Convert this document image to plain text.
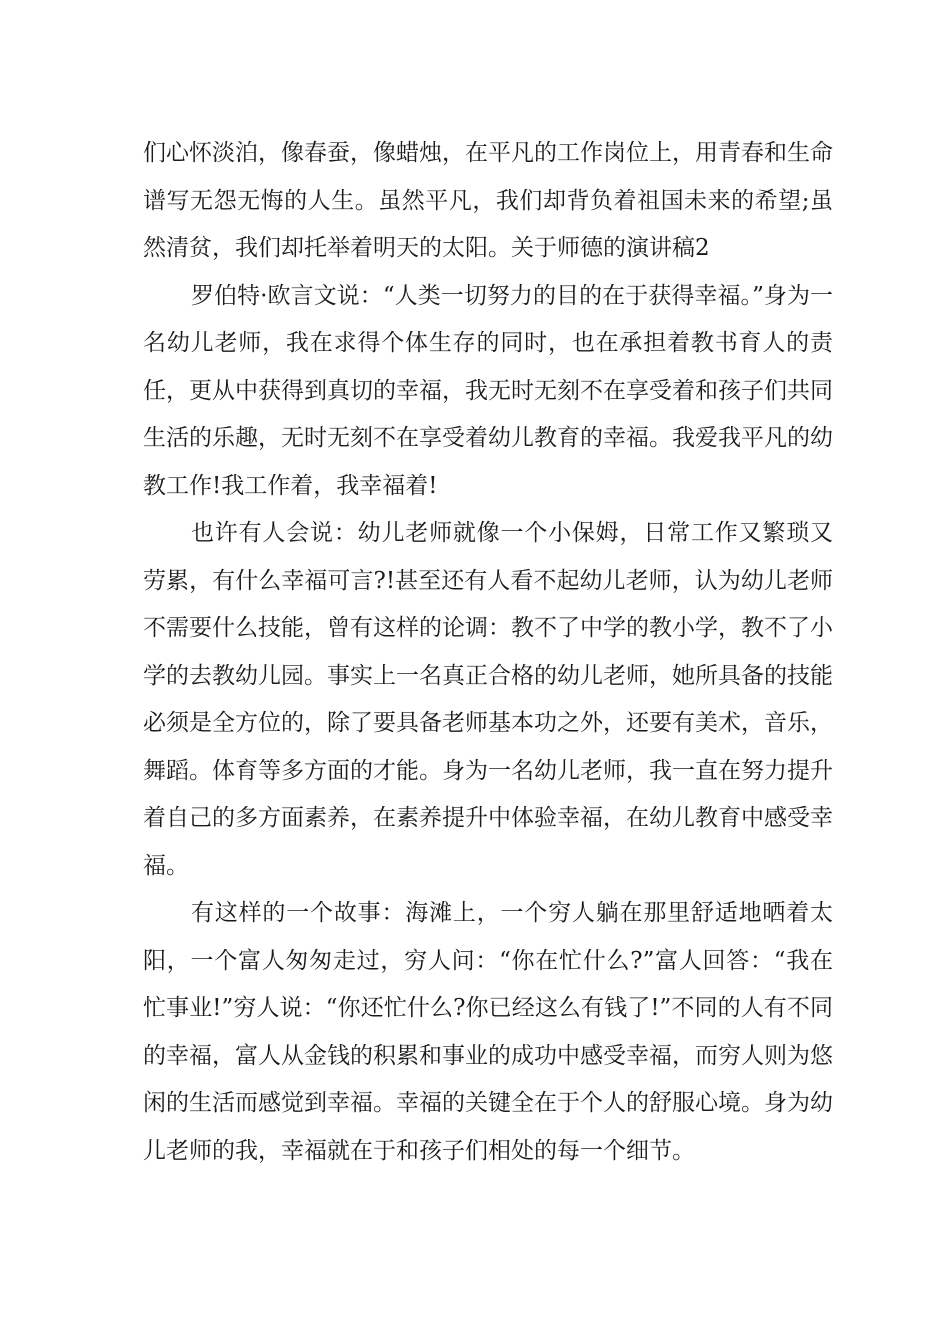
们心怀淡泊，像春蚕，像蜡烛，在平凡的工作岗位上，用青春和生命谱写无怨无悔的人生。虽然平凡，我们却背负着祖国未来的希望;虽然清贫，我们却托举着明天的太阳。关于师德的演讲稿2

罗伯特·欧言文说：“人类一切努力的目的在于获得幸福。”身为一名幼儿老师，我在求得个体生存的同时，也在承担着教书育人的责任，更从中获得到真切的幸福，我无时无刻不在享受着和孩子们共同生活的乐趣，无时无刻不在享受着幼儿教育的幸福。我爱我平凡的幼教工作!我工作着，我幸福着!

也许有人会说：幼儿老师就像一个小保姆，日常工作又繁琐又劳累，有什么幸福可言?!甚至还有人看不起幼儿老师，认为幼儿老师不需要什么技能，曾有这样的论调：教不了中学的教小学，教不了小学的去教幼儿园。事实上一名真正合格的幼儿老师，她所具备的技能必须是全方位的，除了要具备老师基本功之外，还要有美术，音乐，舞蹈。体育等多方面的才能。身为一名幼儿老师，我一直在努力提升着自己的多方面素养，在素养提升中体验幸福，在幼儿教育中感受幸福。

有这样的一个故事：海滩上，一个穷人躺在那里舒适地晒着太阳，一个富人匆匆走过，穷人问：“你在忙什么?”富人回答：“我在忙事业!”穷人说：“你还忙什么?你已经这么有钱了!”不同的人有不同的幸福，富人从金钱的积累和事业的成功中感受幸福，而穷人则为悠闲的生活而感觉到幸福。幸福的关键全在于个人的舒服心境。身为幼儿老师的我，幸福就在于和孩子们相处的每一个细节。
